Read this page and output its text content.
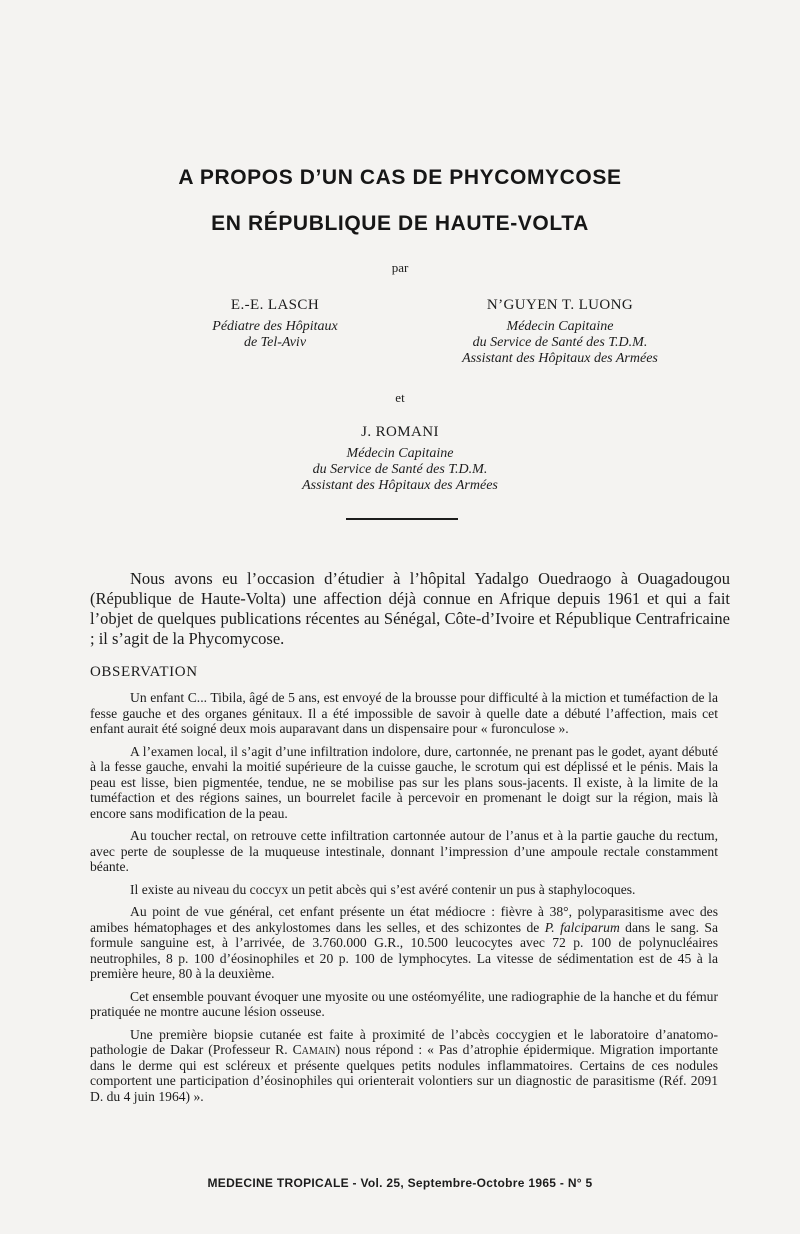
A PROPOS D’UN CAS DE PHYCOMYCOSE
EN RÉPUBLIQUE DE HAUTE-VOLTA
par
E.-E. LASCH
Pédiatre des Hôpitaux
de Tel-Aviv
N’GUYEN T. LUONG
Médecin Capitaine
du Service de Santé des T.D.M.
Assistant des Hôpitaux des Armées
et
J. ROMANI
Médecin Capitaine
du Service de Santé des T.D.M.
Assistant des Hôpitaux des Armées

Nous avons eu l’occasion d’étudier à l’hôpital Yadalgo Ouedraogo à Ouagadougou (République de Haute-Volta) une affection déjà connue en Afrique depuis 1961 et qui a fait l’objet de quelques publications récentes au Sénégal, Côte-d’Ivoire et République Centrafricaine ; il s’agit de la Phycomycose.

OBSERVATION

Un enfant C... Tibila, âgé de 5 ans, est envoyé de la brousse pour difficulté à la miction et tuméfaction de la fesse gauche et des organes génitaux. Il a été impossible de savoir à quelle date a débuté l’affection, mais cet enfant aurait été soigné deux mois auparavant dans un dispensaire pour « furonculose ».

A l’examen local, il s’agit d’une infiltration indolore, dure, cartonnée, ne prenant pas le godet, ayant débuté à la fesse gauche, envahi la moitié supérieure de la cuisse gauche, le scrotum qui est déplissé et le pénis. Mais la peau est lisse, bien pigmentée, tendue, ne se mobilise pas sur les plans sous-jacents. Il existe, à la limite de la tuméfaction et des régions saines, un bourrelet facile à percevoir en promenant le doigt sur la région, mais là encore sans modification de la peau.

Au toucher rectal, on retrouve cette infiltration cartonnée autour de l’anus et à la partie gauche du rectum, avec perte de souplesse de la muqueuse intestinale, donnant l’impression d’une ampoule rectale constamment béante.

Il existe au niveau du coccyx un petit abcès qui s’est avéré contenir un pus à staphylocoques.

Au point de vue général, cet enfant présente un état médiocre : fièvre à 38°, polyparasitisme avec des amibes hématophages et des ankylostomes dans les selles, et des schizontes de P. falciparum dans le sang. Sa formule sanguine est, à l’arrivée, de 3.760.000 G.R., 10.500 leucocytes avec 72 p. 100 de polynucléaires neutrophiles, 8 p. 100 d’éosinophiles et 20 p. 100 de lymphocytes. La vitesse de sédimentation est de 45 à la première heure, 80 à la deuxième.

Cet ensemble pouvant évoquer une myosite ou une ostéomyélite, une radiographie de la hanche et du fémur pratiquée ne montre aucune lésion osseuse.

Une première biopsie cutanée est faite à proximité de l’abcès coccygien et le laboratoire d’anatomo-pathologie de Dakar (Professeur R. Camain) nous répond : « Pas d’atrophie épidermique. Migration importante dans le derme qui est scléreux et présente quelques petits nodules inflammatoires. Certains de ces nodules comportent une participation d’éosinophiles qui orienterait volontiers sur un diagnostic de parasitisme (Réf. 2091 D. du 4 juin 1964) ».

MEDECINE TROPICALE - Vol. 25, Septembre-Octobre 1965 - N° 5
